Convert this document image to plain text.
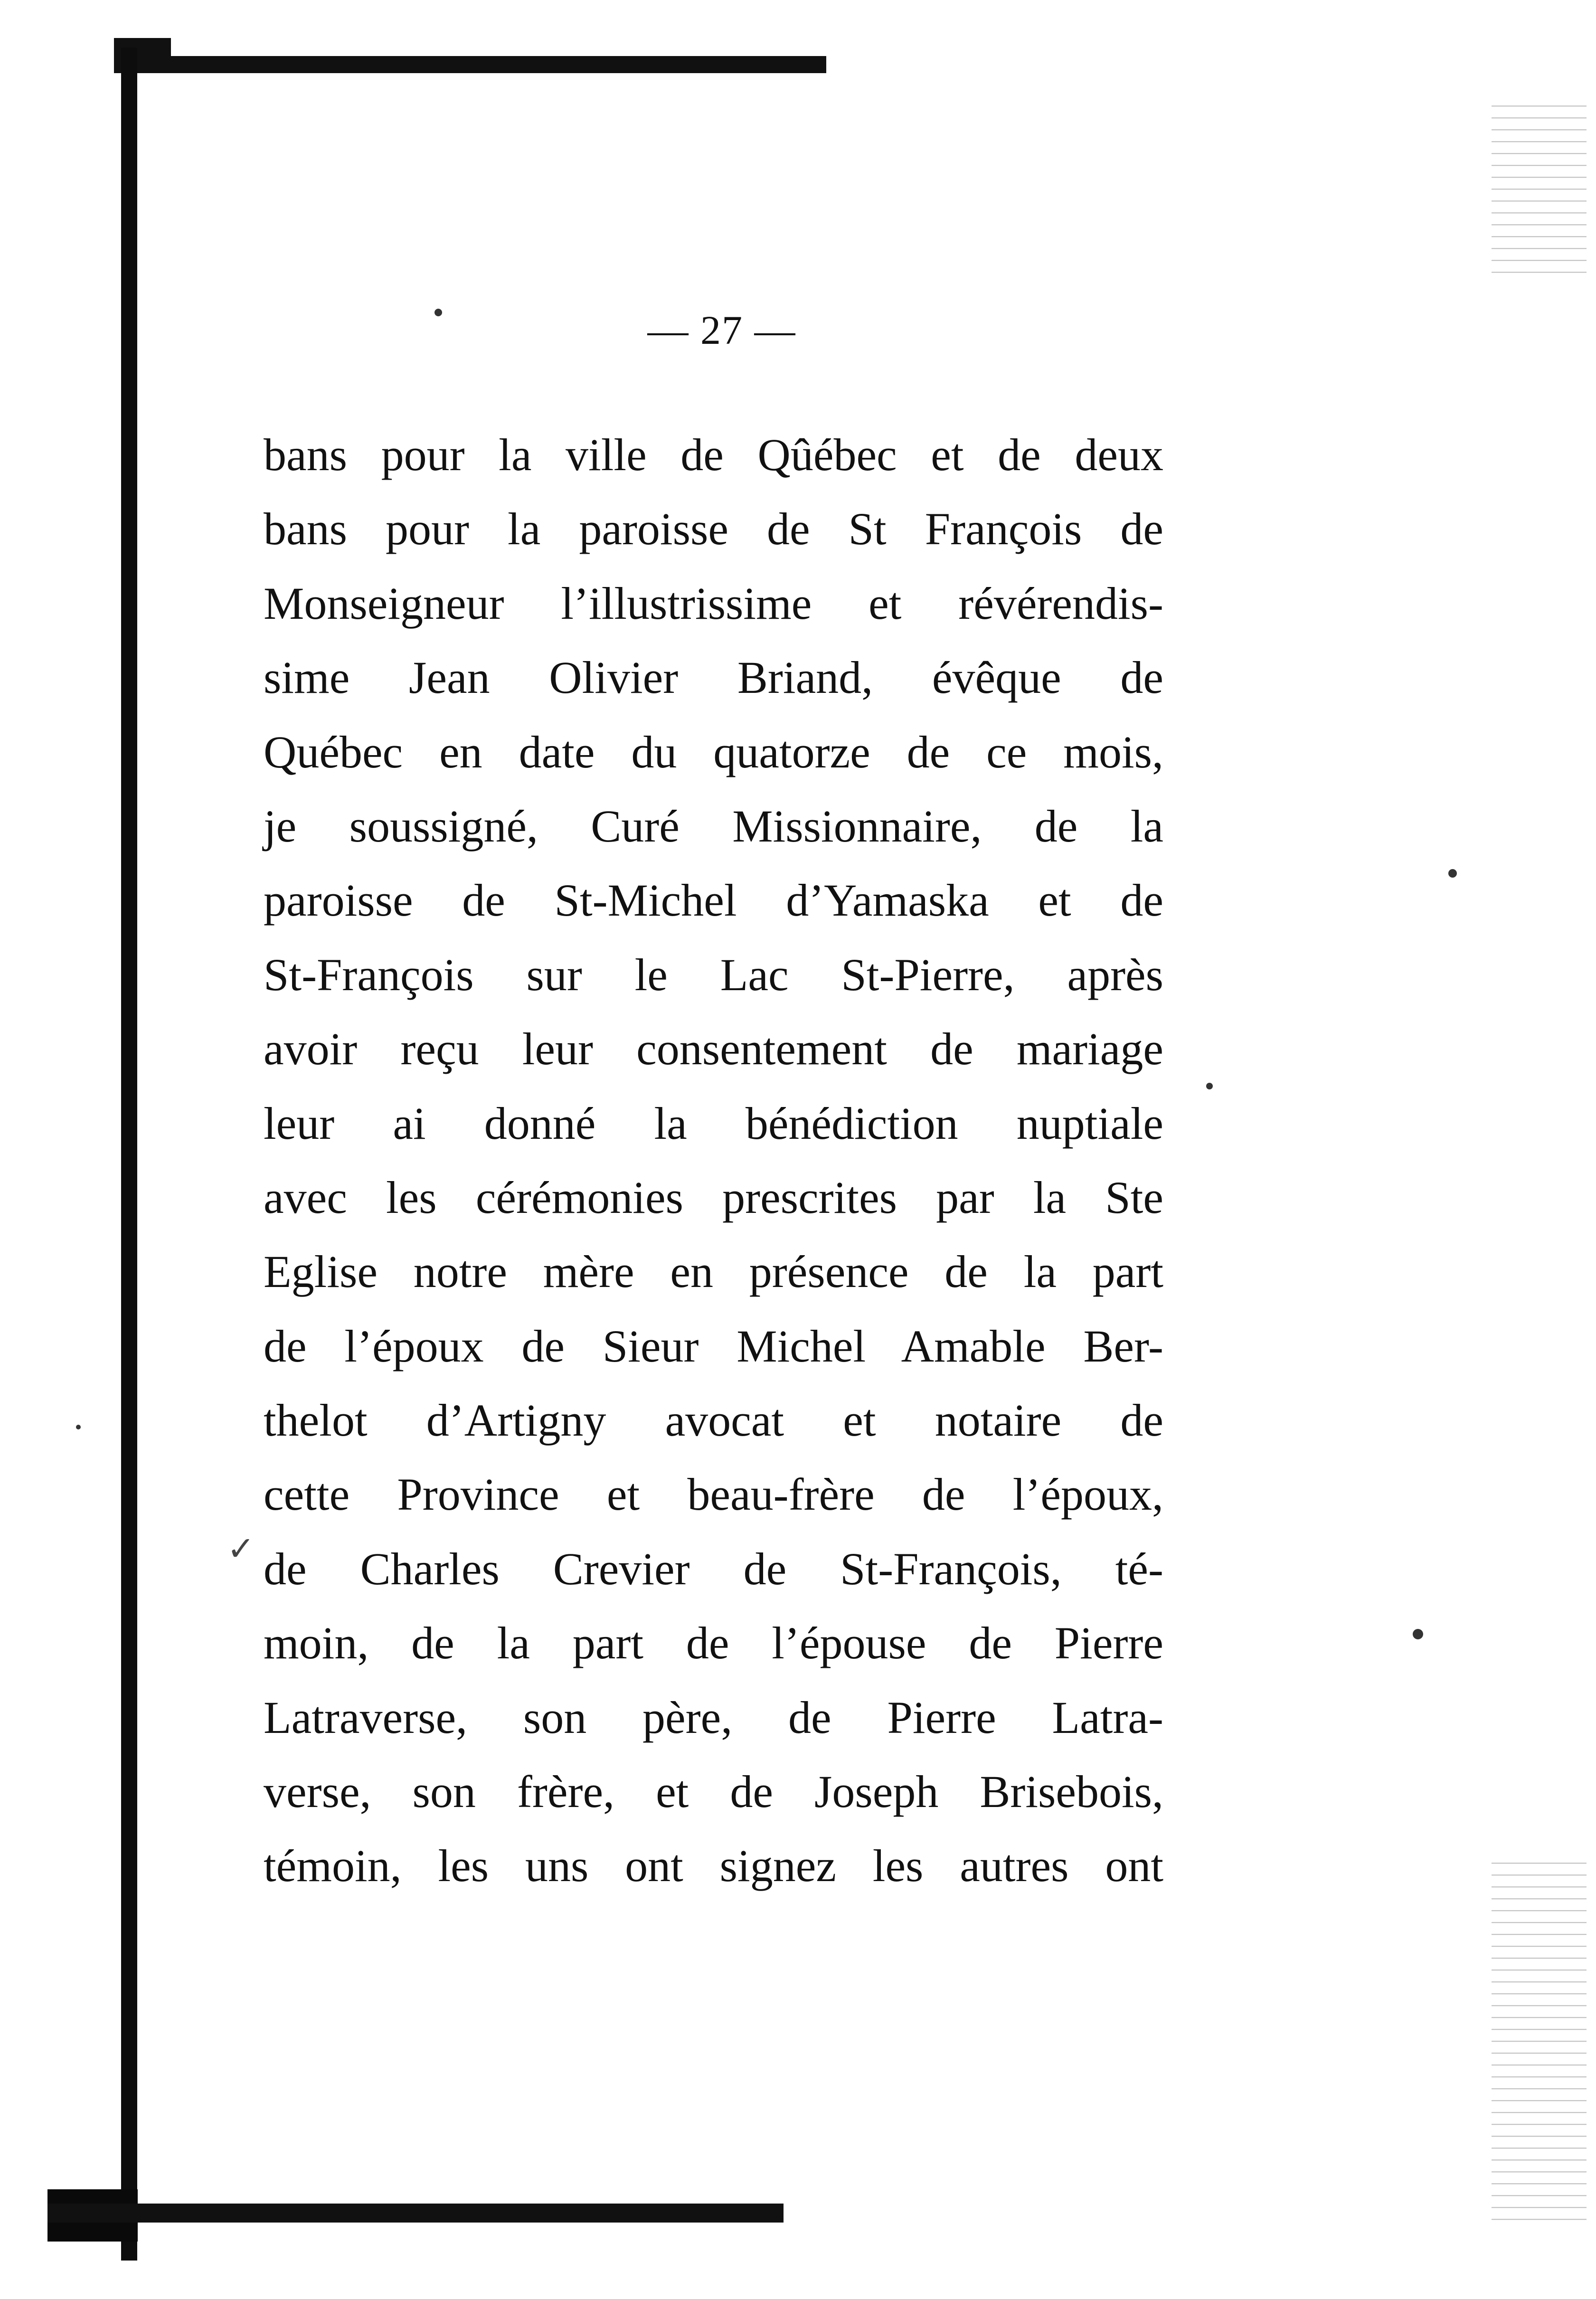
— 27 —
✓
bans pour la ville de Qûébec et de deux
bans pour la paroisse de St François de
Monseigneur l’illustrissime et révérendis-
sime Jean Olivier Briand, évêque de
Québec en date du quatorze de ce mois,
je soussigné, Curé Missionnaire, de la
paroisse de St-Michel d’Yamaska et de
St-François sur le Lac St-Pierre, après
avoir reçu leur consentement de mariage
leur ai donné la bénédiction nuptiale
avec les cérémonies prescrites par la Ste
Eglise notre mère en présence de la part
de l’époux de Sieur Michel Amable Ber-
thelot d’Artigny avocat et notaire de
cette Province et beau-frère de l’époux,
de Charles Crevier de St-François, té-
moin, de la part de l’épouse de Pierre
Latraverse, son père, de Pierre Latra-
verse, son frère, et de Joseph Brisebois,
témoin, les uns ont signez les autres ont
